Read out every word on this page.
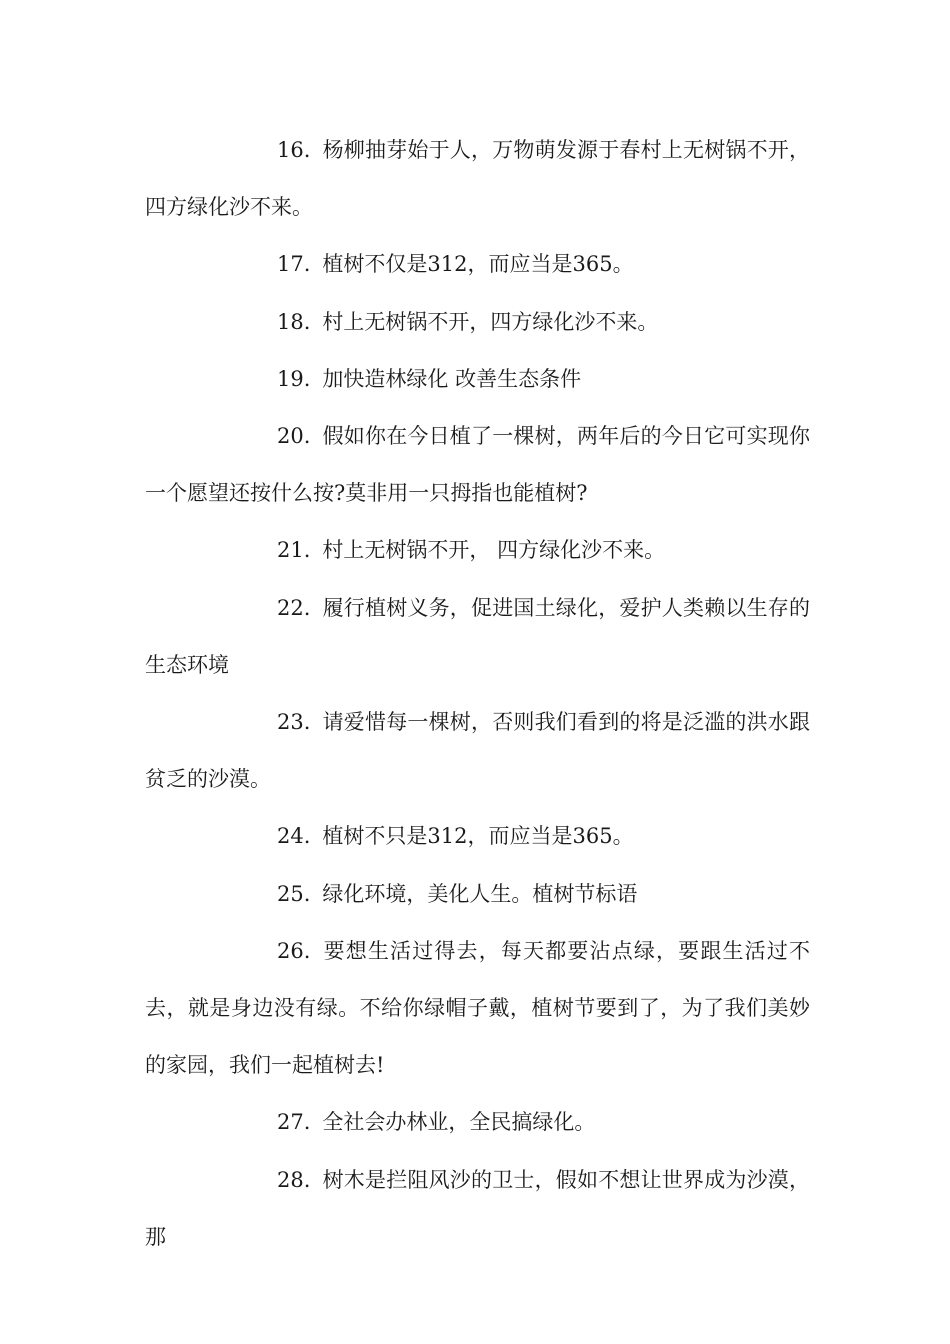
16. 杨柳抽芽始于人，万物萌发源于春村上无树锅不开，四方绿化沙不来。

17. 植树不仅是312，而应当是365。

18. 村上无树锅不开，四方绿化沙不来。

19. 加快造林绿化 改善生态条件

20. 假如你在今日植了一棵树，两年后的今日它可实现你一个愿望还按什么按?莫非用一只拇指也能植树?

21. 村上无树锅不开， 四方绿化沙不来。

22. 履行植树义务，促进国土绿化，爱护人类赖以生存的生态环境

23. 请爱惜每一棵树，否则我们看到的将是泛滥的洪水跟贫乏的沙漠。

24. 植树不只是312，而应当是365。

25. 绿化环境，美化人生。植树节标语

26. 要想生活过得去，每天都要沾点绿，要跟生活过不去，就是身边没有绿。不给你绿帽子戴，植树节要到了，为了我们美妙的家园，我们一起植树去!

27. 全社会办林业，全民搞绿化。

28. 树木是拦阻风沙的卫士，假如不想让世界成为沙漠，那
